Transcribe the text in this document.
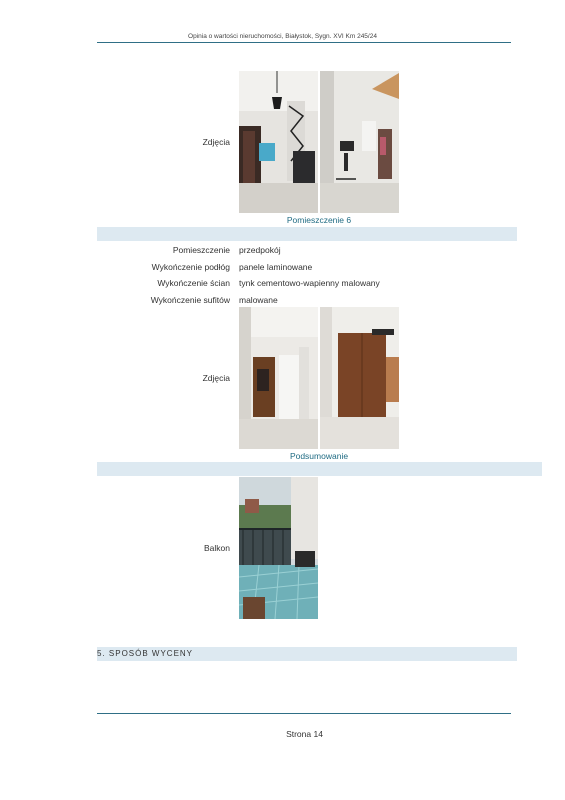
Opinia o wartości nieruchomości, Białystok, Sygn. XVI Km 245/24
Zdjęcia
Pomieszczenie 6
Pomieszczenie przedpokój
Wykończenie podłóg panele laminowane
Wykończenie ścian tynk cementowo-wapienny malowany
Wykończenie sufitów malowane
Zdjęcia
Podsumowanie
Balkon
5. SPOSÓB WYCENY
Strona 14
